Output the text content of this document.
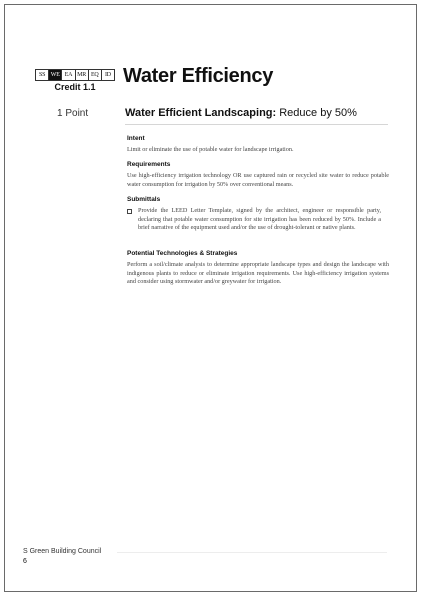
SS WE EA MR EQ	ID
Credit 1.1	Water Efficiency
1 Point	Water Efficient Landscaping: Reduce by 50%
Intent
Limit or eliminate the use of potable water for landscape irrigation.
Requirements
Use high-efficiency irrigation technology OR use captured rain or recycled site water to reduce potable water consumption for irrigation by 50% over conventional means.
Submittals
Provide the LEED Letter Template, signed by the architect, engineer or responsible party, declaring that potable water consumption for site irrigation has been reduced by 50%. Include a brief narrative of the equipment used and/or the use of drought-tolerant or native plants.
Potential Technologies & Strategies
Perform a soil/climate analysis to determine appropriate landscape types and design the landscape with indigenous plants to reduce or eliminate irrigation requirements. Use high-efficiency irrigation systems and consider using stormwater and/or greywater for irrigation.
S Green Building Council
6
